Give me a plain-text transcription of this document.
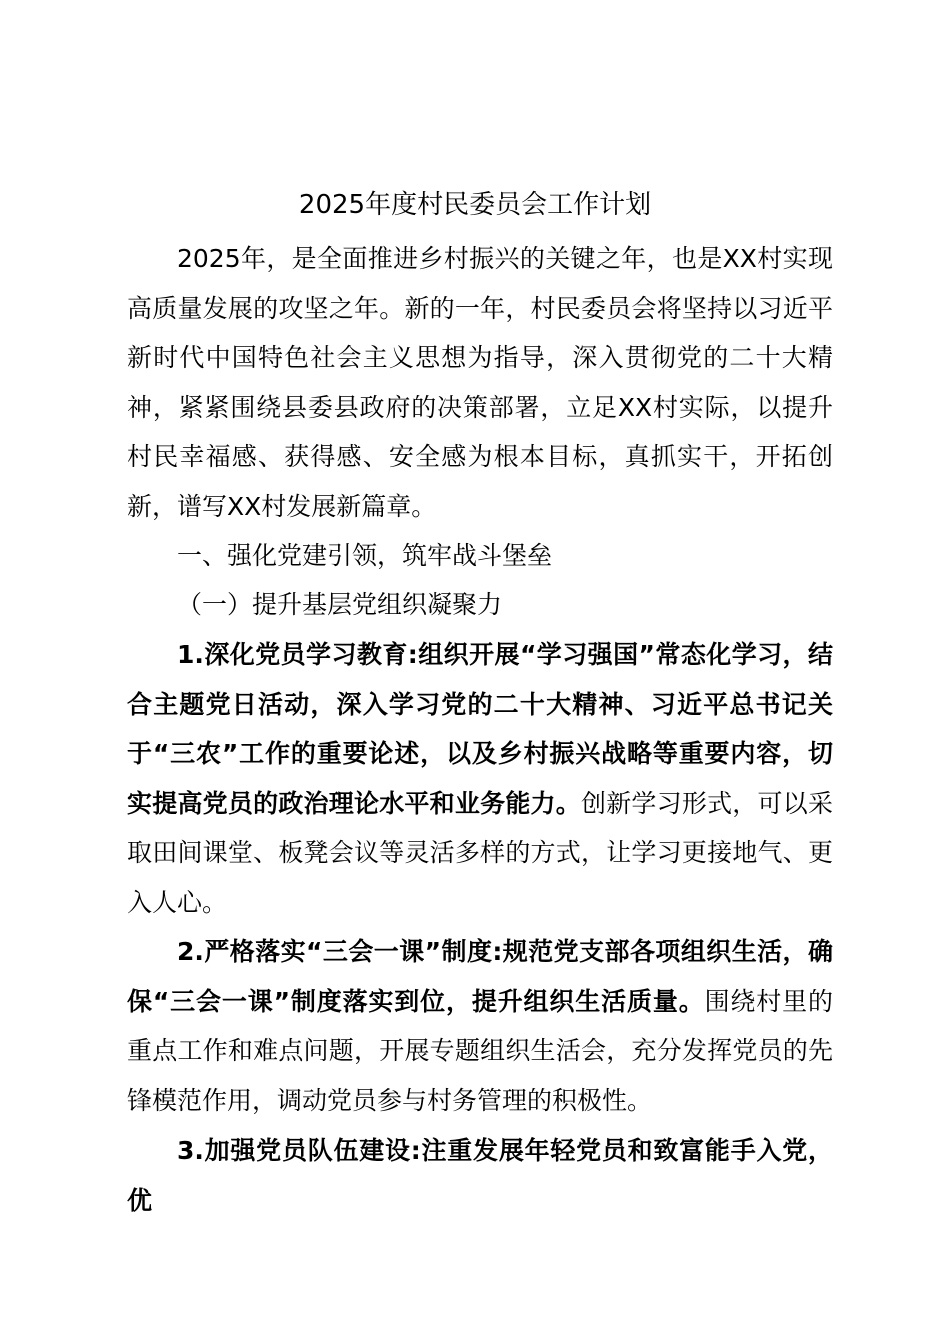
2025年度村民委员会工作计划

2025年，是全面推进乡村振兴的关键之年，也是XX村实现高质量发展的攻坚之年。新的一年，村民委员会将坚持以习近平新时代中国特色社会主义思想为指导，深入贯彻党的二十大精神，紧紧围绕县委县政府的决策部署，立足XX村实际，以提升村民幸福感、获得感、安全感为根本目标，真抓实干，开拓创新，谱写XX村发展新篇章。

一、强化党建引领，筑牢战斗堡垒

（一）提升基层党组织凝聚力

1.深化党员学习教育:组织开展“学习强国”常态化学习，结合主题党日活动，深入学习党的二十大精神、习近平总书记关于“三农”工作的重要论述，以及乡村振兴战略等重要内容，切实提高党员的政治理论水平和业务能力。创新学习形式，可以采取田间课堂、板凳会议等灵活多样的方式，让学习更接地气、更入人心。

2.严格落实“三会一课”制度:规范党支部各项组织生活，确保“三会一课”制度落实到位，提升组织生活质量。围绕村里的重点工作和难点问题，开展专题组织生活会，充分发挥党员的先锋模范作用，调动党员参与村务管理的积极性。

3.加强党员队伍建设:注重发展年轻党员和致富能手入党，优
